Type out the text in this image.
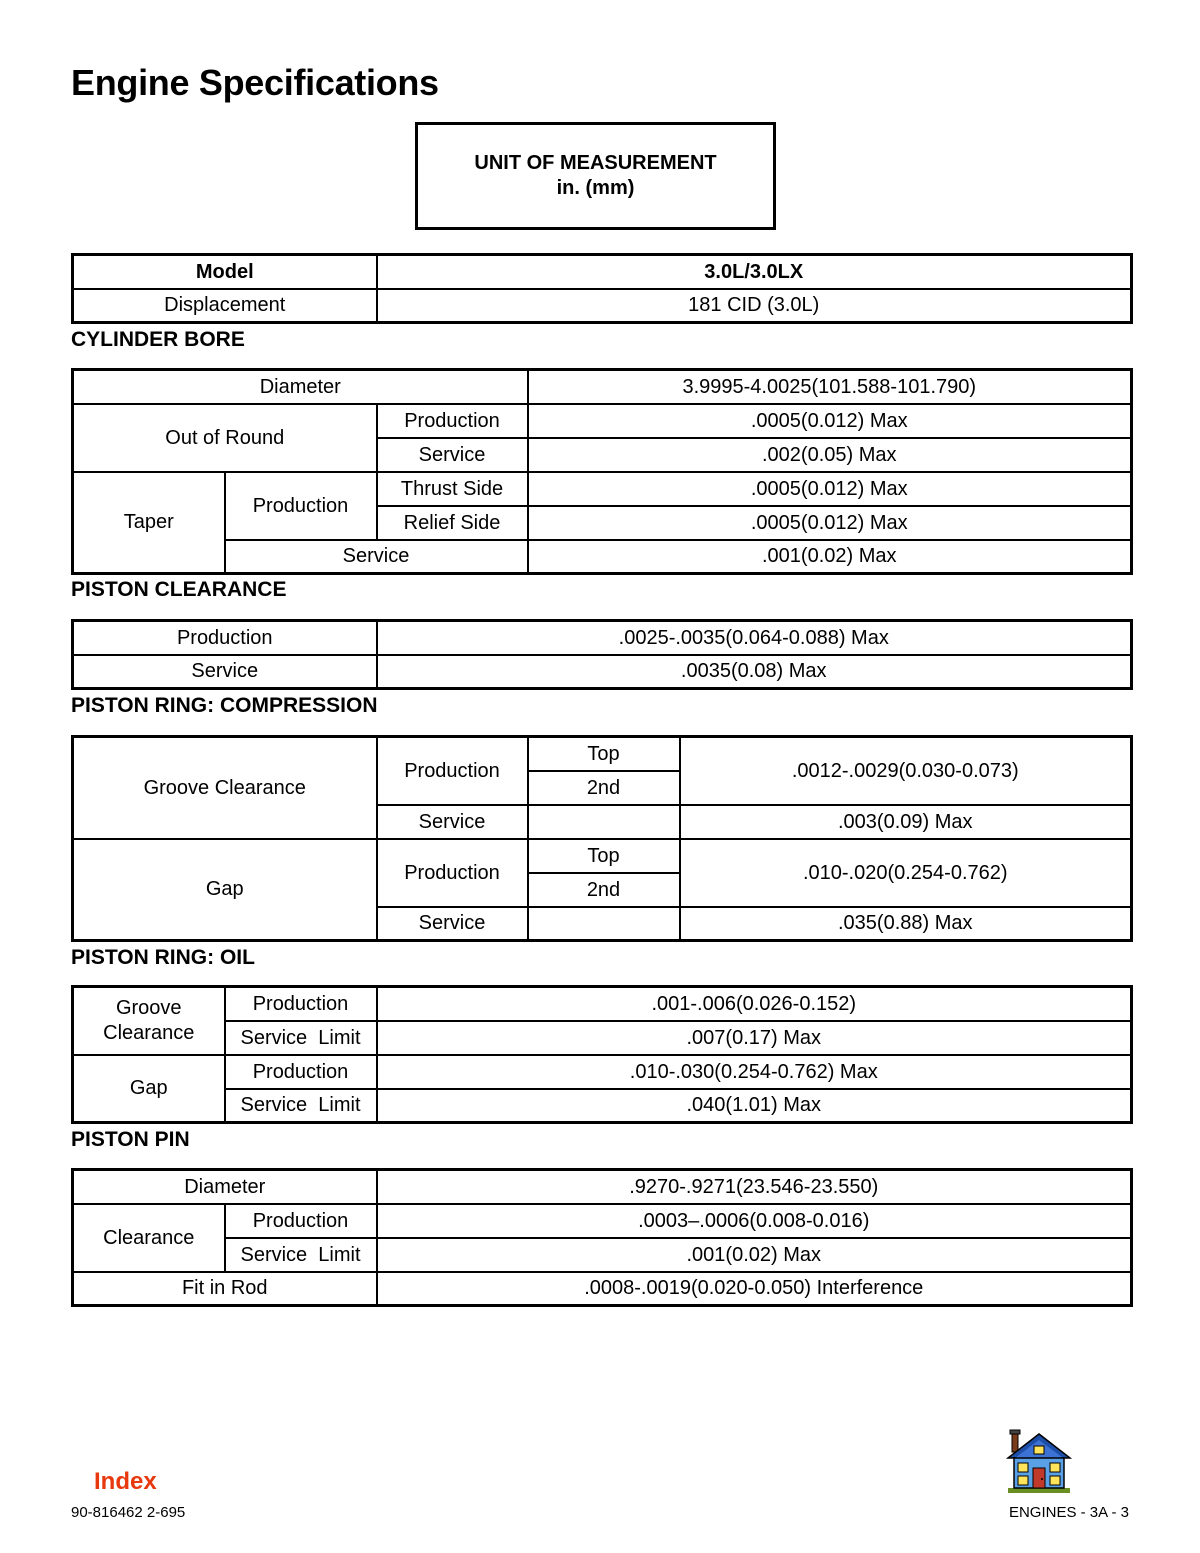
Engine Specifications
UNIT OF MEASUREMENT
in. (mm)
Model	3.0L/3.0LX
Displacement	181 CID (3.0L)
CYLINDER BORE
Diameter			3.9995-4.0025(101.588-101.790)
Out of Round		Production	.0005(0.012) Max
		Service	.002(0.05) Max
Taper	Production	Thrust Side	.0005(0.012) Max
		Relief Side	.0005(0.012) Max
	Service		.001(0.02) Max
PISTON CLEARANCE
Production	.0025-.0035(0.064-0.088) Max
Service	.0035(0.08) Max
PISTON RING: COMPRESSION
Groove Clearance	Production	Top	.0012-.0029(0.030-0.073)
		2nd	
	Service		.003(0.09) Max
Gap	Production	Top	.010-.020(0.254-0.762)
		2nd	
	Service		.035(0.88) Max
PISTON RING: OIL
Groove
Clearance	Production	.001-.006(0.026-0.152)
	Service  Limit	.007(0.17) Max
Gap	Production	.010-.030(0.254-0.762) Max
	Service  Limit	.040(1.01) Max
PISTON PIN
Diameter		.9270-.9271(23.546-23.550)
Clearance	Production	.0003–.0006(0.008-0.016)
	Service  Limit	.001(0.02) Max
Fit in Rod		.0008-.0019(0.020-0.050) Interference
Index
90-816462 2-695	ENGINES - 3A - 3
